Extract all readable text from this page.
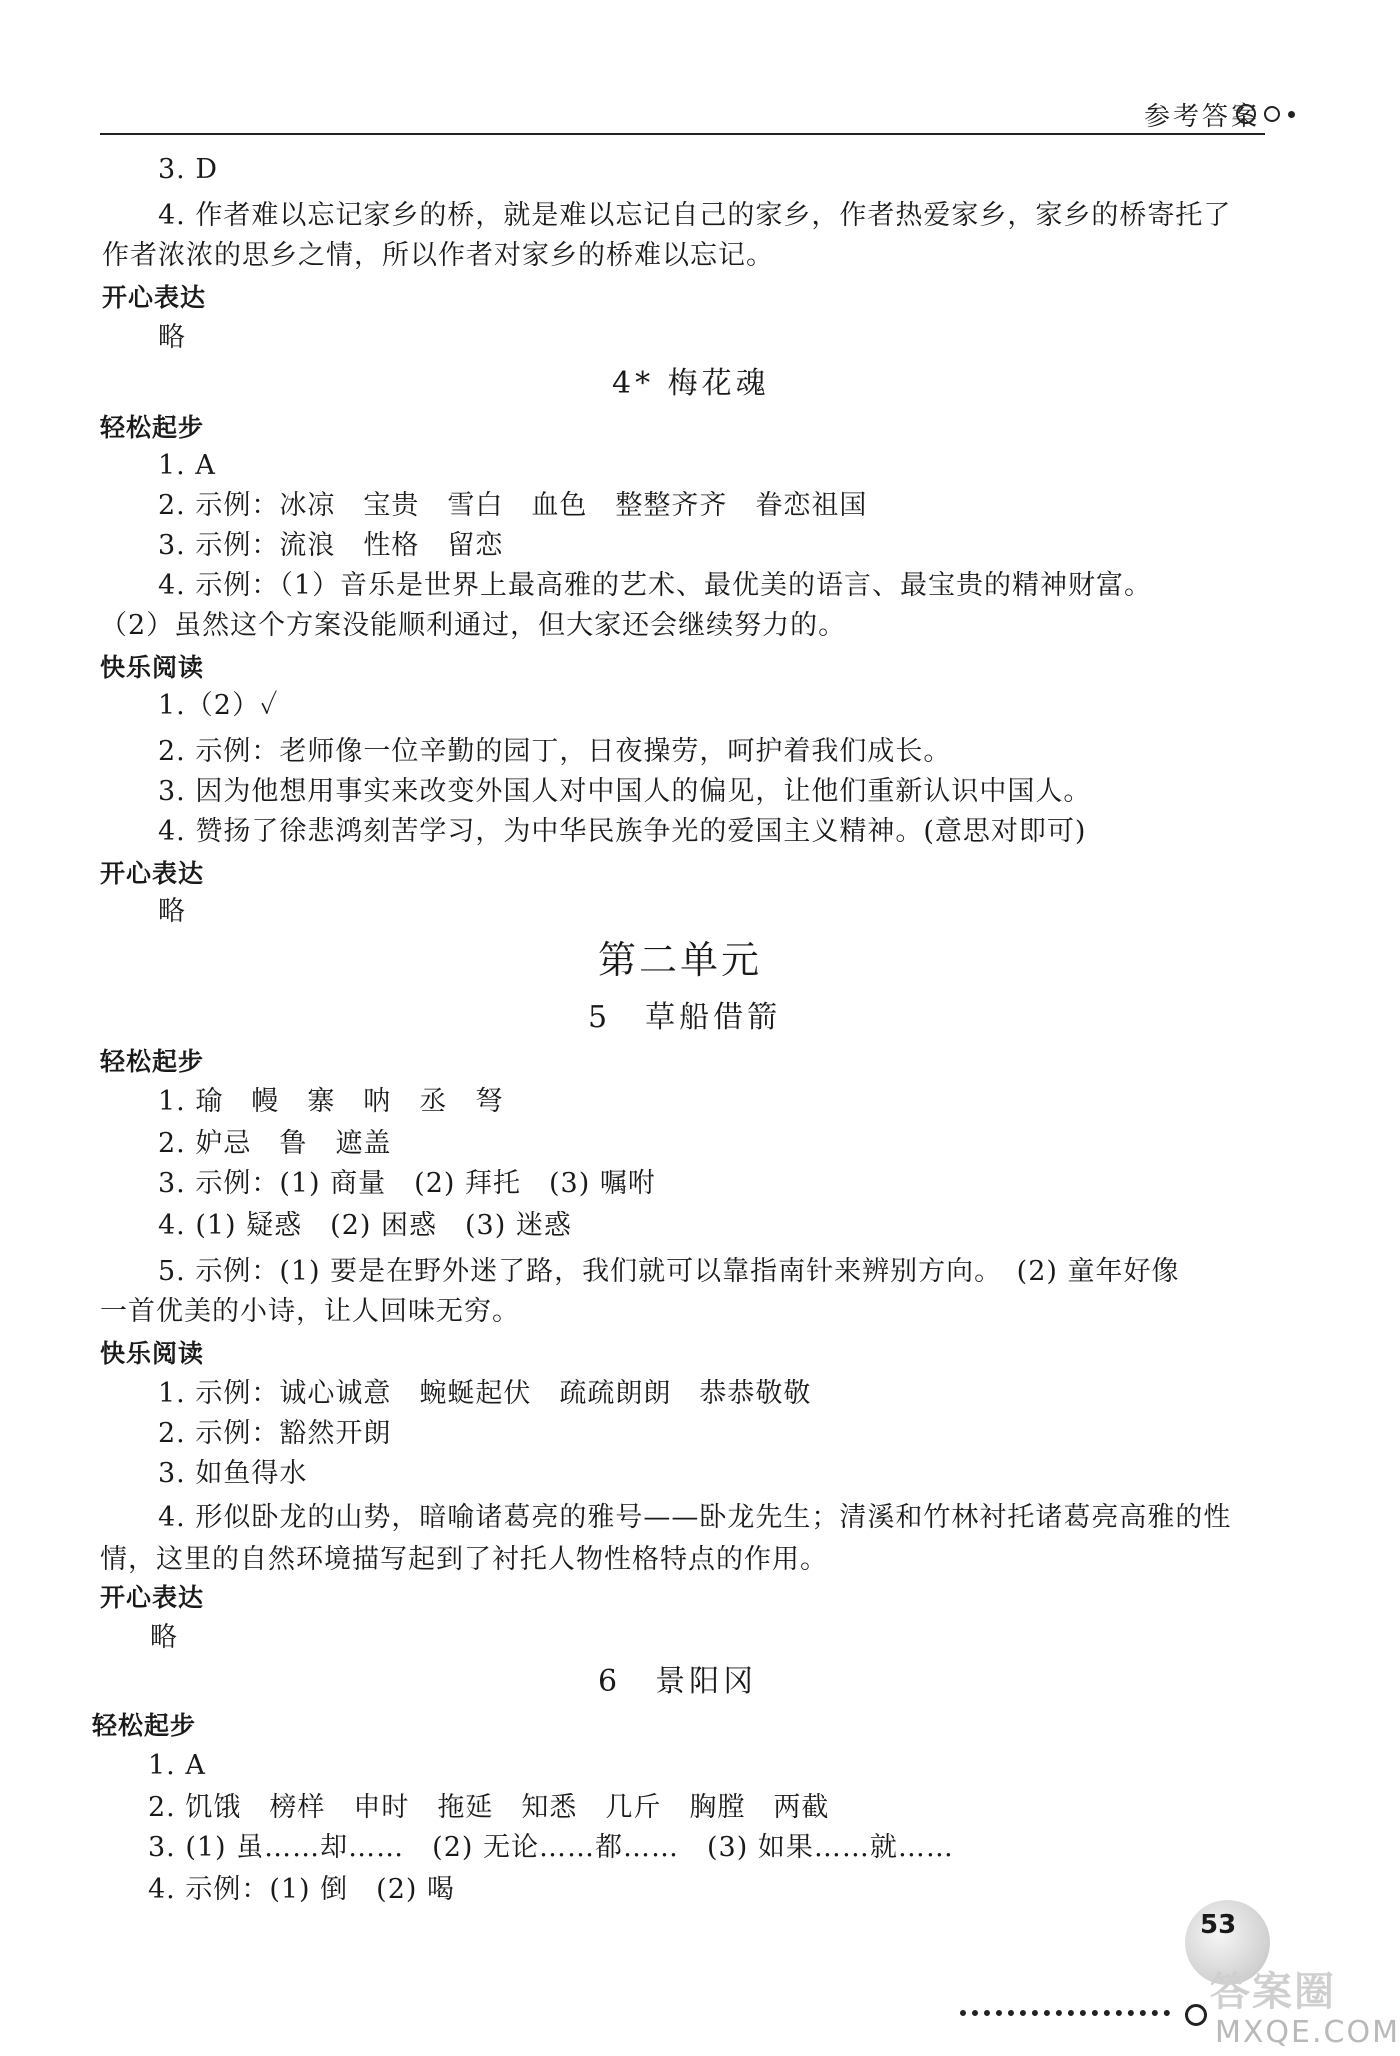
参考答案
3. D
4. 作者难以忘记家乡的桥，就是难以忘记自己的家乡，作者热爱家乡，家乡的桥寄托了
作者浓浓的思乡之情，所以作者对家乡的桥难以忘记。
开心表达
略
4* 梅花魂
轻松起步
1. A
2. 示例：冰凉　宝贵　雪白　血色　整整齐齐　眷恋祖国
3. 示例：流浪　性格　留恋
4. 示例：（1）音乐是世界上最高雅的艺术、最优美的语言、最宝贵的精神财富。
（2）虽然这个方案没能顺利通过，但大家还会继续努力的。
快乐阅读
1.（2）✓
2. 示例：老师像一位辛勤的园丁，日夜操劳，呵护着我们成长。
3. 因为他想用事实来改变外国人对中国人的偏见，让他们重新认识中国人。
4. 赞扬了徐悲鸿刻苦学习，为中华民族争光的爱国主义精神。(意思对即可)
开心表达
略
第二单元
5　草船借箭
轻松起步
1. 瑜　幔　寨　呐　丞　弩
2. 妒忌　鲁　遮盖
3. 示例：(1) 商量　(2) 拜托　(3) 嘱咐
4. (1) 疑惑　(2) 困惑　(3) 迷惑
5. 示例：(1) 要是在野外迷了路，我们就可以靠指南针来辨别方向。　(2) 童年好像
一首优美的小诗，让人回味无穷。
快乐阅读
1. 示例：诚心诚意　蜿蜒起伏　疏疏朗朗　恭恭敬敬
2. 示例：豁然开朗
3. 如鱼得水
4. 形似卧龙的山势，暗喻诸葛亮的雅号——卧龙先生；清溪和竹林衬托诸葛亮高雅的性
情，这里的自然环境描写起到了衬托人物性格特点的作用。
开心表达
略
6　景阳冈
轻松起步
1. A
2. 饥饿　榜样　申时　拖延　知悉　几斤　胸膛　两截
3. (1) 虽……却……　(2) 无论……都……　(3) 如果……就……
4. 示例：(1) 倒　(2) 喝
53
答案圈
MXQE.COM
